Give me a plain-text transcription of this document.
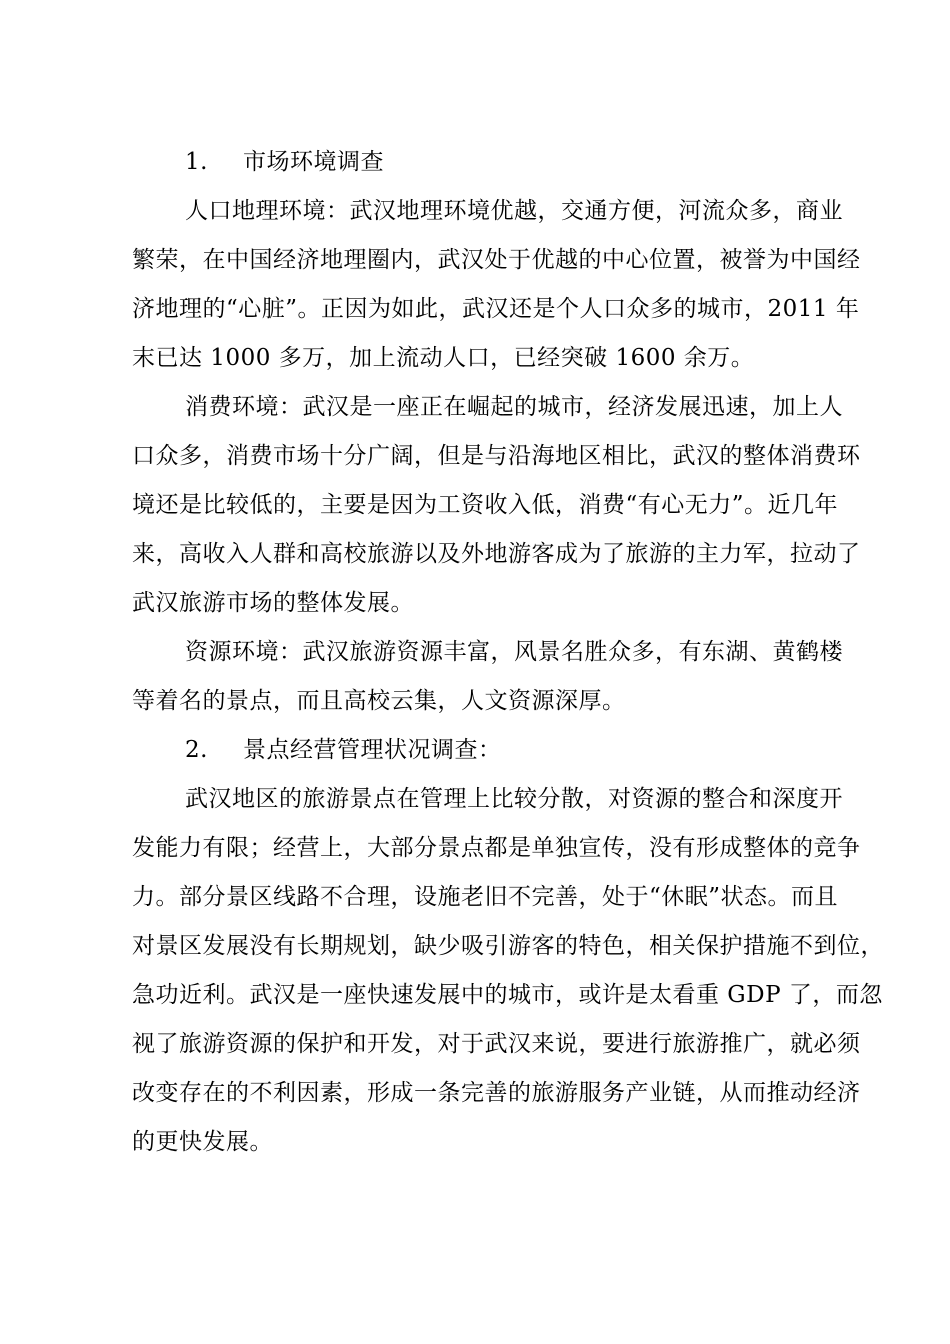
1. 市场环境调查

人口地理环境：武汉地理环境优越，交通方便，河流众多，商业
繁荣，在中国经济地理圈内，武汉处于优越的中心位置，被誉为中国经
济地理的“心脏”。正因为如此，武汉还是个人口众多的城市，2011 年
末已达 1000 多万，加上流动人口，已经突破 1600 余万。

消费环境：武汉是一座正在崛起的城市，经济发展迅速，加上人
口众多，消费市场十分广阔，但是与沿海地区相比，武汉的整体消费环
境还是比较低的，主要是因为工资收入低，消费“有心无力”。近几年
来，高收入人群和高校旅游以及外地游客成为了旅游的主力军，拉动了
武汉旅游市场的整体发展。

资源环境：武汉旅游资源丰富，风景名胜众多，有东湖、黄鹤楼
等着名的景点，而且高校云集，人文资源深厚。

2. 景点经营管理状况调查：

武汉地区的旅游景点在管理上比较分散，对资源的整合和深度开
发能力有限；经营上，大部分景点都是单独宣传，没有形成整体的竞争
力。部分景区线路不合理，设施老旧不完善，处于“休眠”状态。而且
对景区发展没有长期规划，缺少吸引游客的特色，相关保护措施不到位，
急功近利。武汉是一座快速发展中的城市，或许是太看重 GDP 了，而忽
视了旅游资源的保护和开发，对于武汉来说，要进行旅游推广，就必须
改变存在的不利因素，形成一条完善的旅游服务产业链，从而推动经济
的更快发展。
